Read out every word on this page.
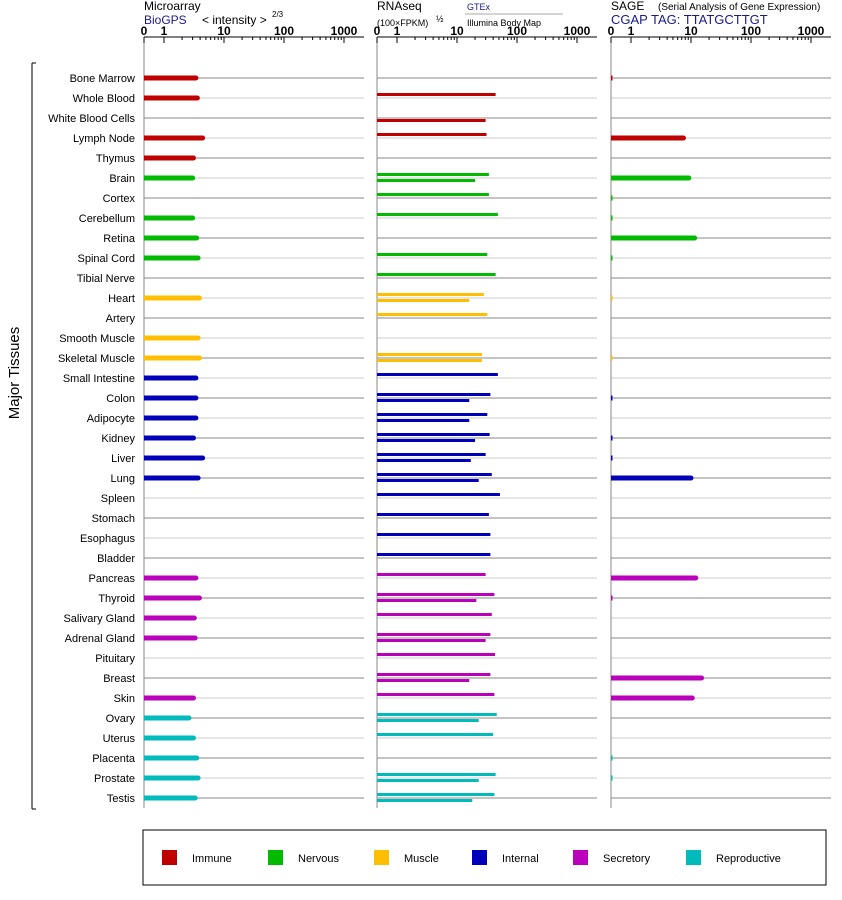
0 1	10	100	1000
Microarray
< intensity > 2/3
BioGPS
0 1	10	100	1000
RNAseq
(100×FPKM) ½
GTEx
Illumina Body Map
0 1	10	100	1000
SAGE (Serial Analysis of Gene Expression)
CGAP TAG: TTATGCTTGT
Bone Marrow
Whole Blood
White Blood Cells
Lymph Node
Thymus
Brain
Cortex
Cerebellum
Retina
Spinal Cord
Tibial Nerve
Heart
Artery
Smooth Muscle
Skeletal Muscle
Small Intestine
Colon
Adipocyte
Kidney
Liver
Lung
Spleen
Stomach
Esophagus
Bladder
Pancreas
Thyroid
Salivary Gland
Adrenal Gland
Pituitary
Breast
Skin
Ovary
Uterus
Placenta
Prostate
Testis
Major Tissues
Immune	Nervous	Muscle	Internal	Secretory	Reproductive
